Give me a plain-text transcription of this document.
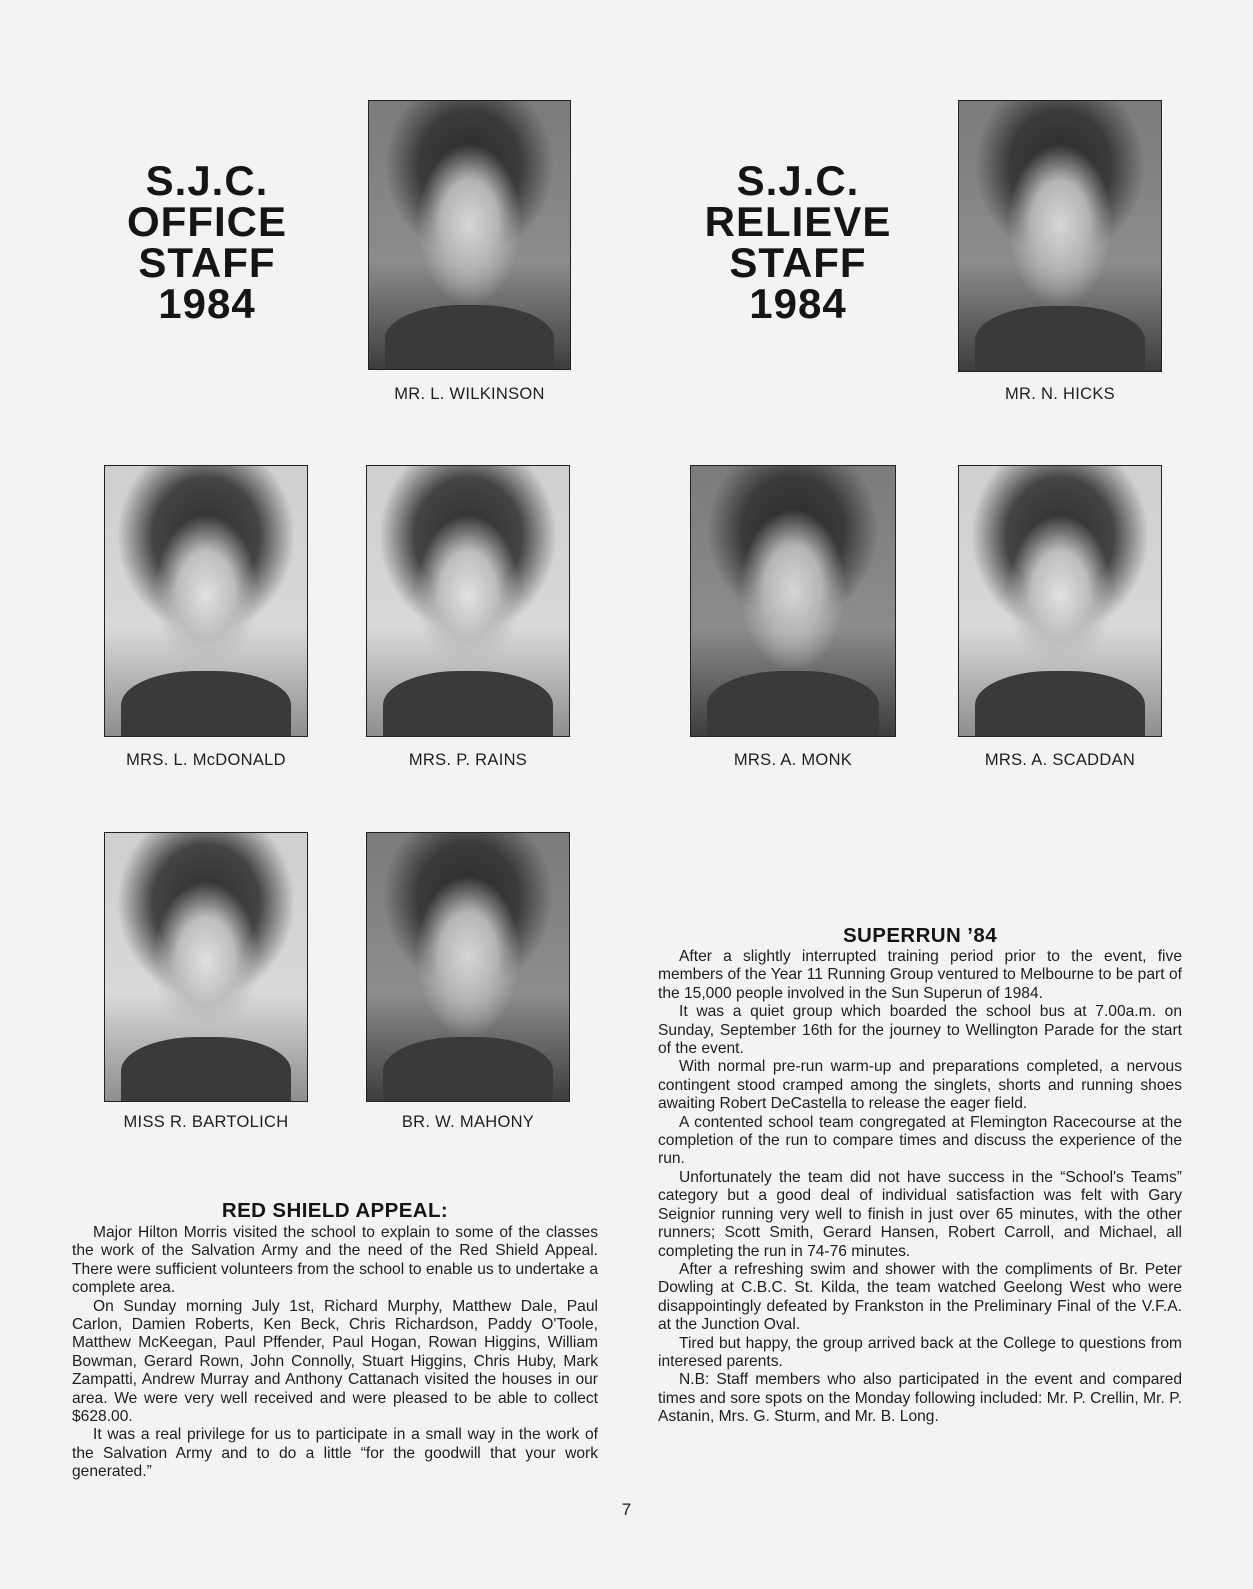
S.J.C.
OFFICE
STAFF
1984
S.J.C.
RELIEVE
STAFF
1984
MR. L. WILKINSON	MR. N. HICKS
MRS. L. McDONALD	MRS. P. RAINS	MRS. A. MONK	MRS. A. SCADDAN
MISS R. BARTOLICH	BR. W. MAHONY
RED SHIELD APPEAL:

Major Hilton Morris visited the school to explain to some of the classes the work of the Salvation Army and the need of the Red Shield Appeal. There were sufficient volunteers from the school to enable us to undertake a complete area.

On Sunday morning July 1st, Richard Murphy, Matthew Dale, Paul Carlon, Damien Roberts, Ken Beck, Chris Richardson, Paddy O'Toole, Matthew McKeegan, Paul Pffender, Paul Hogan, Rowan Higgins, William Bowman, Gerard Rown, John Connolly, Stuart Higgins, Chris Huby, Mark Zampatti, Andrew Murray and Anthony Cattanach visited the houses in our area. We were very well received and were pleased to be able to collect $628.00.

It was a real privilege for us to participate in a small way in the work of the Salvation Army and to do a little “for the goodwill that your work generated.”

SUPERRUN ’84

After a slightly interrupted training period prior to the event, five members of the Year 11 Running Group ventured to Melbourne to be part of the 15,000 people involved in the Sun Superun of 1984.

It was a quiet group which boarded the school bus at 7.00a.m. on Sunday, September 16th for the journey to Wellington Parade for the start of the event.

With normal pre-run warm-up and preparations completed, a nervous contingent stood cramped among the singlets, shorts and running shoes awaiting Robert DeCastella to release the eager field.

A contented school team congregated at Flemington Racecourse at the completion of the run to compare times and discuss the experience of the run.

Unfortunately the team did not have success in the “School's Teams” category but a good deal of individual satisfaction was felt with Gary Seignior running very well to finish in just over 65 minutes, with the other runners; Scott Smith, Gerard Hansen, Robert Carroll, and Michael, all completing the run in 74-76 minutes.

After a refreshing swim and shower with the compliments of Br. Peter Dowling at C.B.C. St. Kilda, the team watched Geelong West who were disappointingly defeated by Frankston in the Preliminary Final of the V.F.A. at the Junction Oval.

Tired but happy, the group arrived back at the College to questions from interesed parents.

N.B: Staff members who also participated in the event and compared times and sore spots on the Monday following included: Mr. P. Crellin, Mr. P. Astanin, Mrs. G. Sturm, and Mr. B. Long.

7
